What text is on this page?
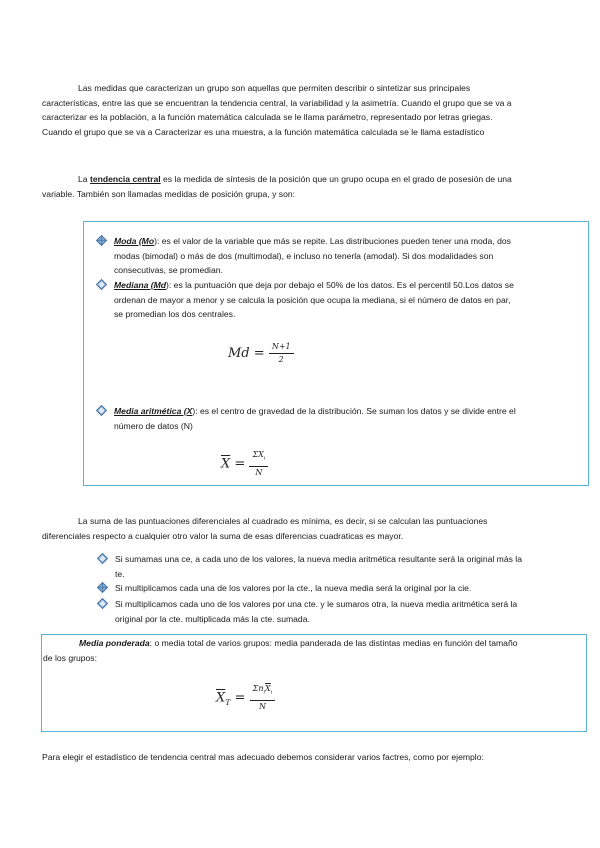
Las medidas que caracterizan un grupo son aquellas que permiten describir o sintetizar sus principales

características, entre las que se encuentran la tendencia central, la variabilidad y la asimetría. Cuando el grupo que se va a

caracterizar es la población, a la función matemática calculada se le llama parámetro, representado por letras griegas.

Cuando el grupo que se va a Caracterizar es una muestra, a la función matemática calculada se le llama estadístico

La tendencia central es la medida de síntesis de la posición que un grupo ocupa en el grado de posesión de una

variable. También son llamadas medidas de posición grupa, y son:

Moda (Mo): es el valor de la variable que más se repite. Las distribuciones pueden tener una moda, dos

modas (bimodal) o más de dos (multimodal), e incluso no tenerla (amodal). Si dos modalidades son

consecutivas, se promedian.

Mediana (Md): es la puntuación que deja por debajo el 50% de los datos. Es el percentil 50.Los datos se

ordenan de mayor a menor y se calcula la posición que ocupa la mediana, si el número de datos en par,

se promedian los dos centrales.

$Md = \frac{N+1}{2}$

Media aritmética (X): es el centro de gravedad de la distribución. Se suman los datos y se divide entre el

número de datos (N)

$\overline{X} = \frac{\Sigma X_i}{N}$

La suma de las puntuaciones diferenciales al cuadrado es mínima, es decir, si se calculan las puntuaciones

diferenciales respecto a cualquier otro valor la suma de esas diferencias cuadraticas es mayor.

Si sumamas una ce, a cada uno de los valores, la nueva media aritmética resultante será la original más la

te.

Si multiplicamos cada una de los valores por la cte., la nueva media será la original por la cie.

Si multiplicamos cada uno de los valores por una cte. y le sumaros otra, la nueva media aritmética será la

original por la cte. multiplicada más la cte. sumada.

Media ponderada: o media total de varios grupos: media panderada de las distintas medias en función del tamaño

de los grupos:

$\overline{X}_T = \frac{\Sigma n_i\overline{X}_i}{N}$

Para elegir el estadístico de tendencia central mas adecuado debemos considerar varios factres, como por ejemplo:
